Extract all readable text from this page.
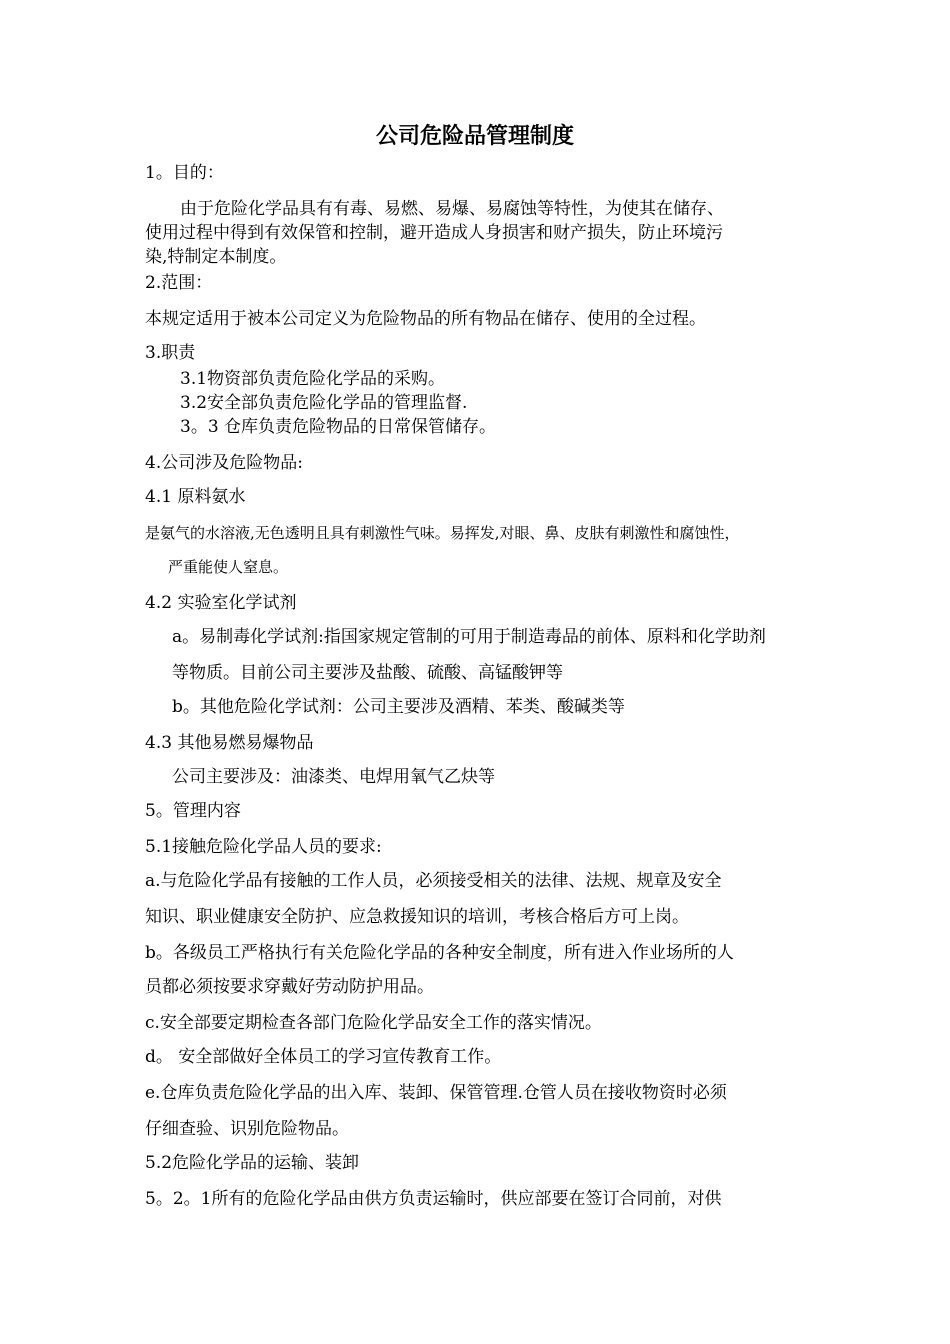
公司危险品管理制度
1。目的：
由于危险化学品具有有毒、易燃、易爆、易腐蚀等特性，为使其在储存、
使用过程中得到有效保管和控制，避开造成人身损害和财产损失，防止环境污
染,特制定本制度。
2.范围：
本规定适用于被本公司定义为危险物品的所有物品在储存、使用的全过程。
3.职责
3.1物资部负责危险化学品的采购。
3.2安全部负责危险化学品的管理监督.
3。3 仓库负责危险物品的日常保管储存。
4.公司涉及危险物品:
4.1 原料氨水
是氨气的水溶液,无色透明且具有刺激性气味。易挥发,对眼、鼻、皮肤有刺激性和腐蚀性，
严重能使人窒息。
4.2 实验室化学试剂
a。易制毒化学试剂:指国家规定管制的可用于制造毒品的前体、原料和化学助剂
等物质。目前公司主要涉及盐酸、硫酸、高锰酸钾等
b。其他危险化学试剂：公司主要涉及酒精、苯类、酸碱类等
4.3 其他易燃易爆物品
公司主要涉及：油漆类、电焊用氧气乙炔等
5。管理内容
5.1接触危险化学品人员的要求:
a.与危险化学品有接触的工作人员，必须接受相关的法律、法规、规章及安全
知识、职业健康安全防护、应急救援知识的培训，考核合格后方可上岗。
b。各级员工严格执行有关危险化学品的各种安全制度，所有进入作业场所的人
员都必须按要求穿戴好劳动防护用品。
c.安全部要定期检查各部门危险化学品安全工作的落实情况。
d。 安全部做好全体员工的学习宣传教育工作。
e.仓库负责危险化学品的出入库、装卸、保管管理.仓管人员在接收物资时必须
仔细查验、识别危险物品。
5.2危险化学品的运输、装卸
5。2。1所有的危险化学品由供方负责运输时，供应部要在签订合同前，对供
